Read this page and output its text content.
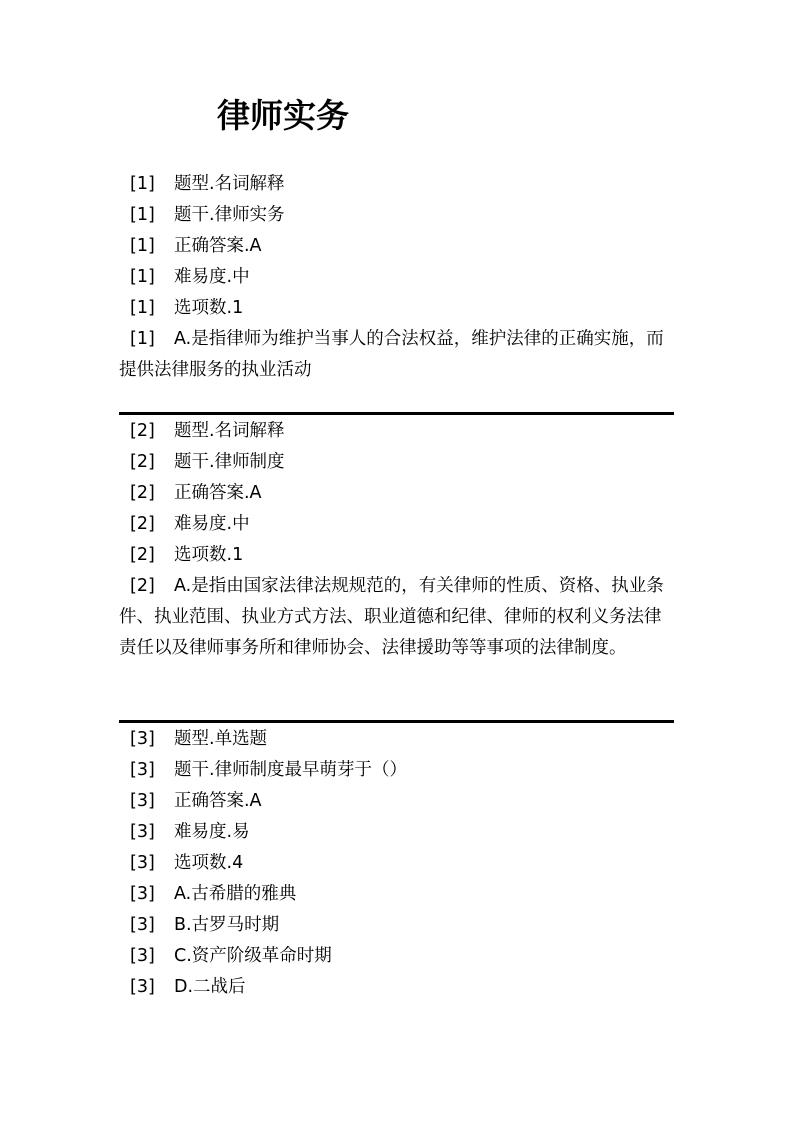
律师实务
[1] 题型.名词解释
[1] 题干.律师实务
[1] 正确答案.A
[1] 难易度.中
[1] 选项数.1
[1] A.是指律师为维护当事人的合法权益，维护法律的正确实施，而提供法律服务的执业活动
[2] 题型.名词解释
[2] 题干.律师制度
[2] 正确答案.A
[2] 难易度.中
[2] 选项数.1
[2] A.是指由国家法律法规规范的，有关律师的性质、资格、执业条件、执业范围、执业方式方法、职业道德和纪律、律师的权利义务法律责任以及律师事务所和律师协会、法律援助等等事项的法律制度。
[3] 题型.单选题
[3] 题干.律师制度最早萌芽于（）
[3] 正确答案.A
[3] 难易度.易
[3] 选项数.4
[3] A.古希腊的雅典
[3] B.古罗马时期
[3] C.资产阶级革命时期
[3] D.二战后
